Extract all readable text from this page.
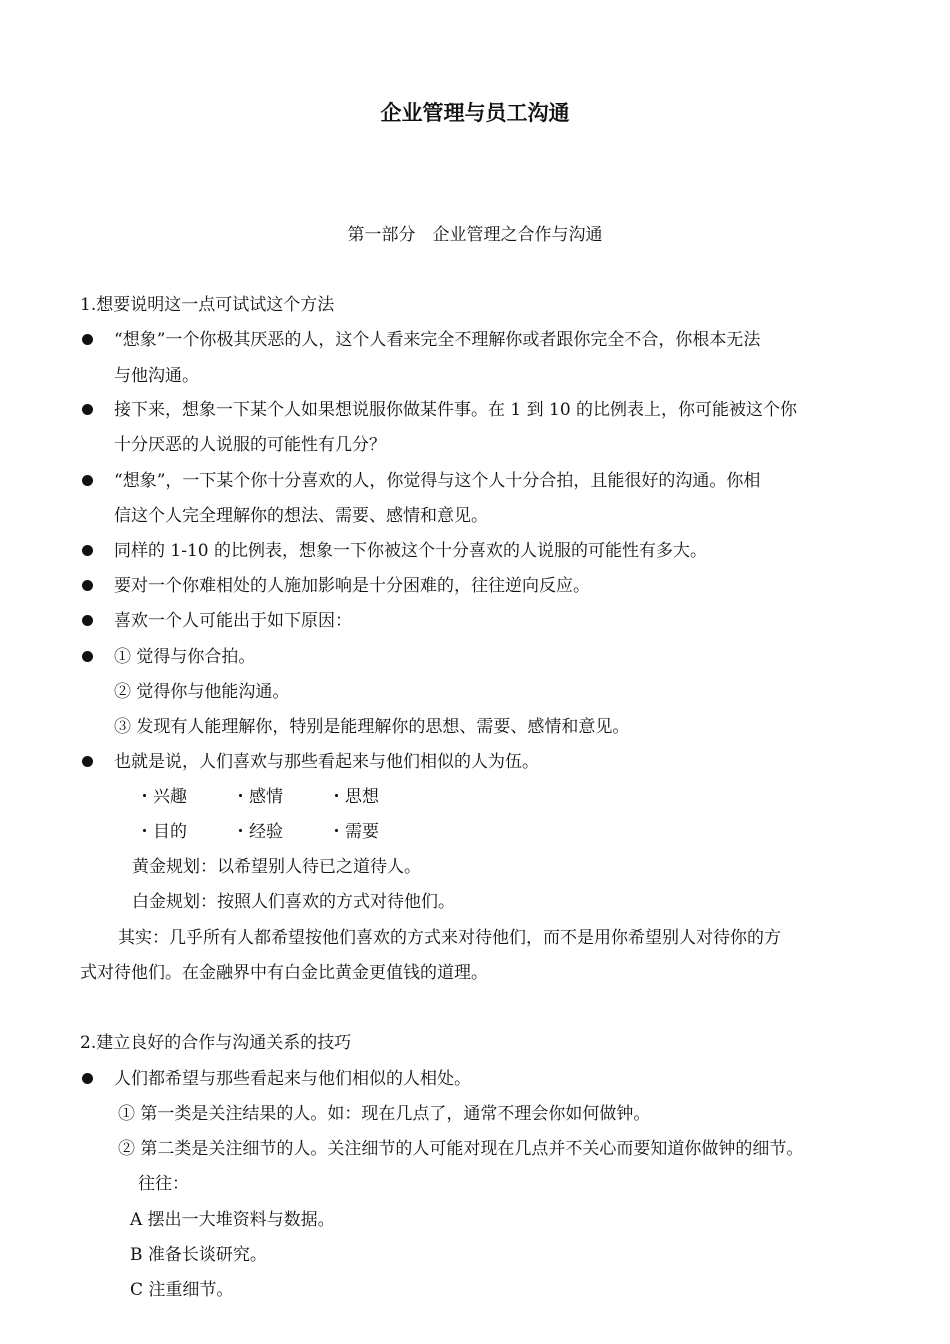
企业管理与员工沟通
第一部分　企业管理之合作与沟通
1.想要说明这一点可试试这个方法
“想象”一个你极其厌恶的人，这个人看来完全不理解你或者跟你完全不合，你根本无法
与他沟通。
接下来，想象一下某个人如果想说服你做某件事。在 1 到 10 的比例表上，你可能被这个你
十分厌恶的人说服的可能性有几分？
“想象”，一下某个你十分喜欢的人，你觉得与这个人十分合拍，且能很好的沟通。你相
信这个人完全理解你的想法、需要、感情和意见。
同样的 1-10 的比例表，想象一下你被这个十分喜欢的人说服的可能性有多大。
要对一个你难相处的人施加影响是十分困难的，往往逆向反应。
喜欢一个人可能出于如下原因：
① 觉得与你合拍。
② 觉得你与他能沟通。
③ 发现有人能理解你，特别是能理解你的思想、需要、感情和意见。
也就是说，人们喜欢与那些看起来与他们相似的人为伍。
・兴趣	・感情	・思想
・目的	・经验	・需要
黄金规划：以希望别人待已之道待人。
白金规划：按照人们喜欢的方式对待他们。
其实：几乎所有人都希望按他们喜欢的方式来对待他们，而不是用你希望别人对待你的方
式对待他们。在金融界中有白金比黄金更值钱的道理。
2.建立良好的合作与沟通关系的技巧
人们都希望与那些看起来与他们相似的人相处。
① 第一类是关注结果的人。如：现在几点了，通常不理会你如何做钟。
② 第二类是关注细节的人。关注细节的人可能对现在几点并不关心而要知道你做钟的细节。
往往：
A 摆出一大堆资料与数据。
B 准备长谈研究。
C 注重细节。
